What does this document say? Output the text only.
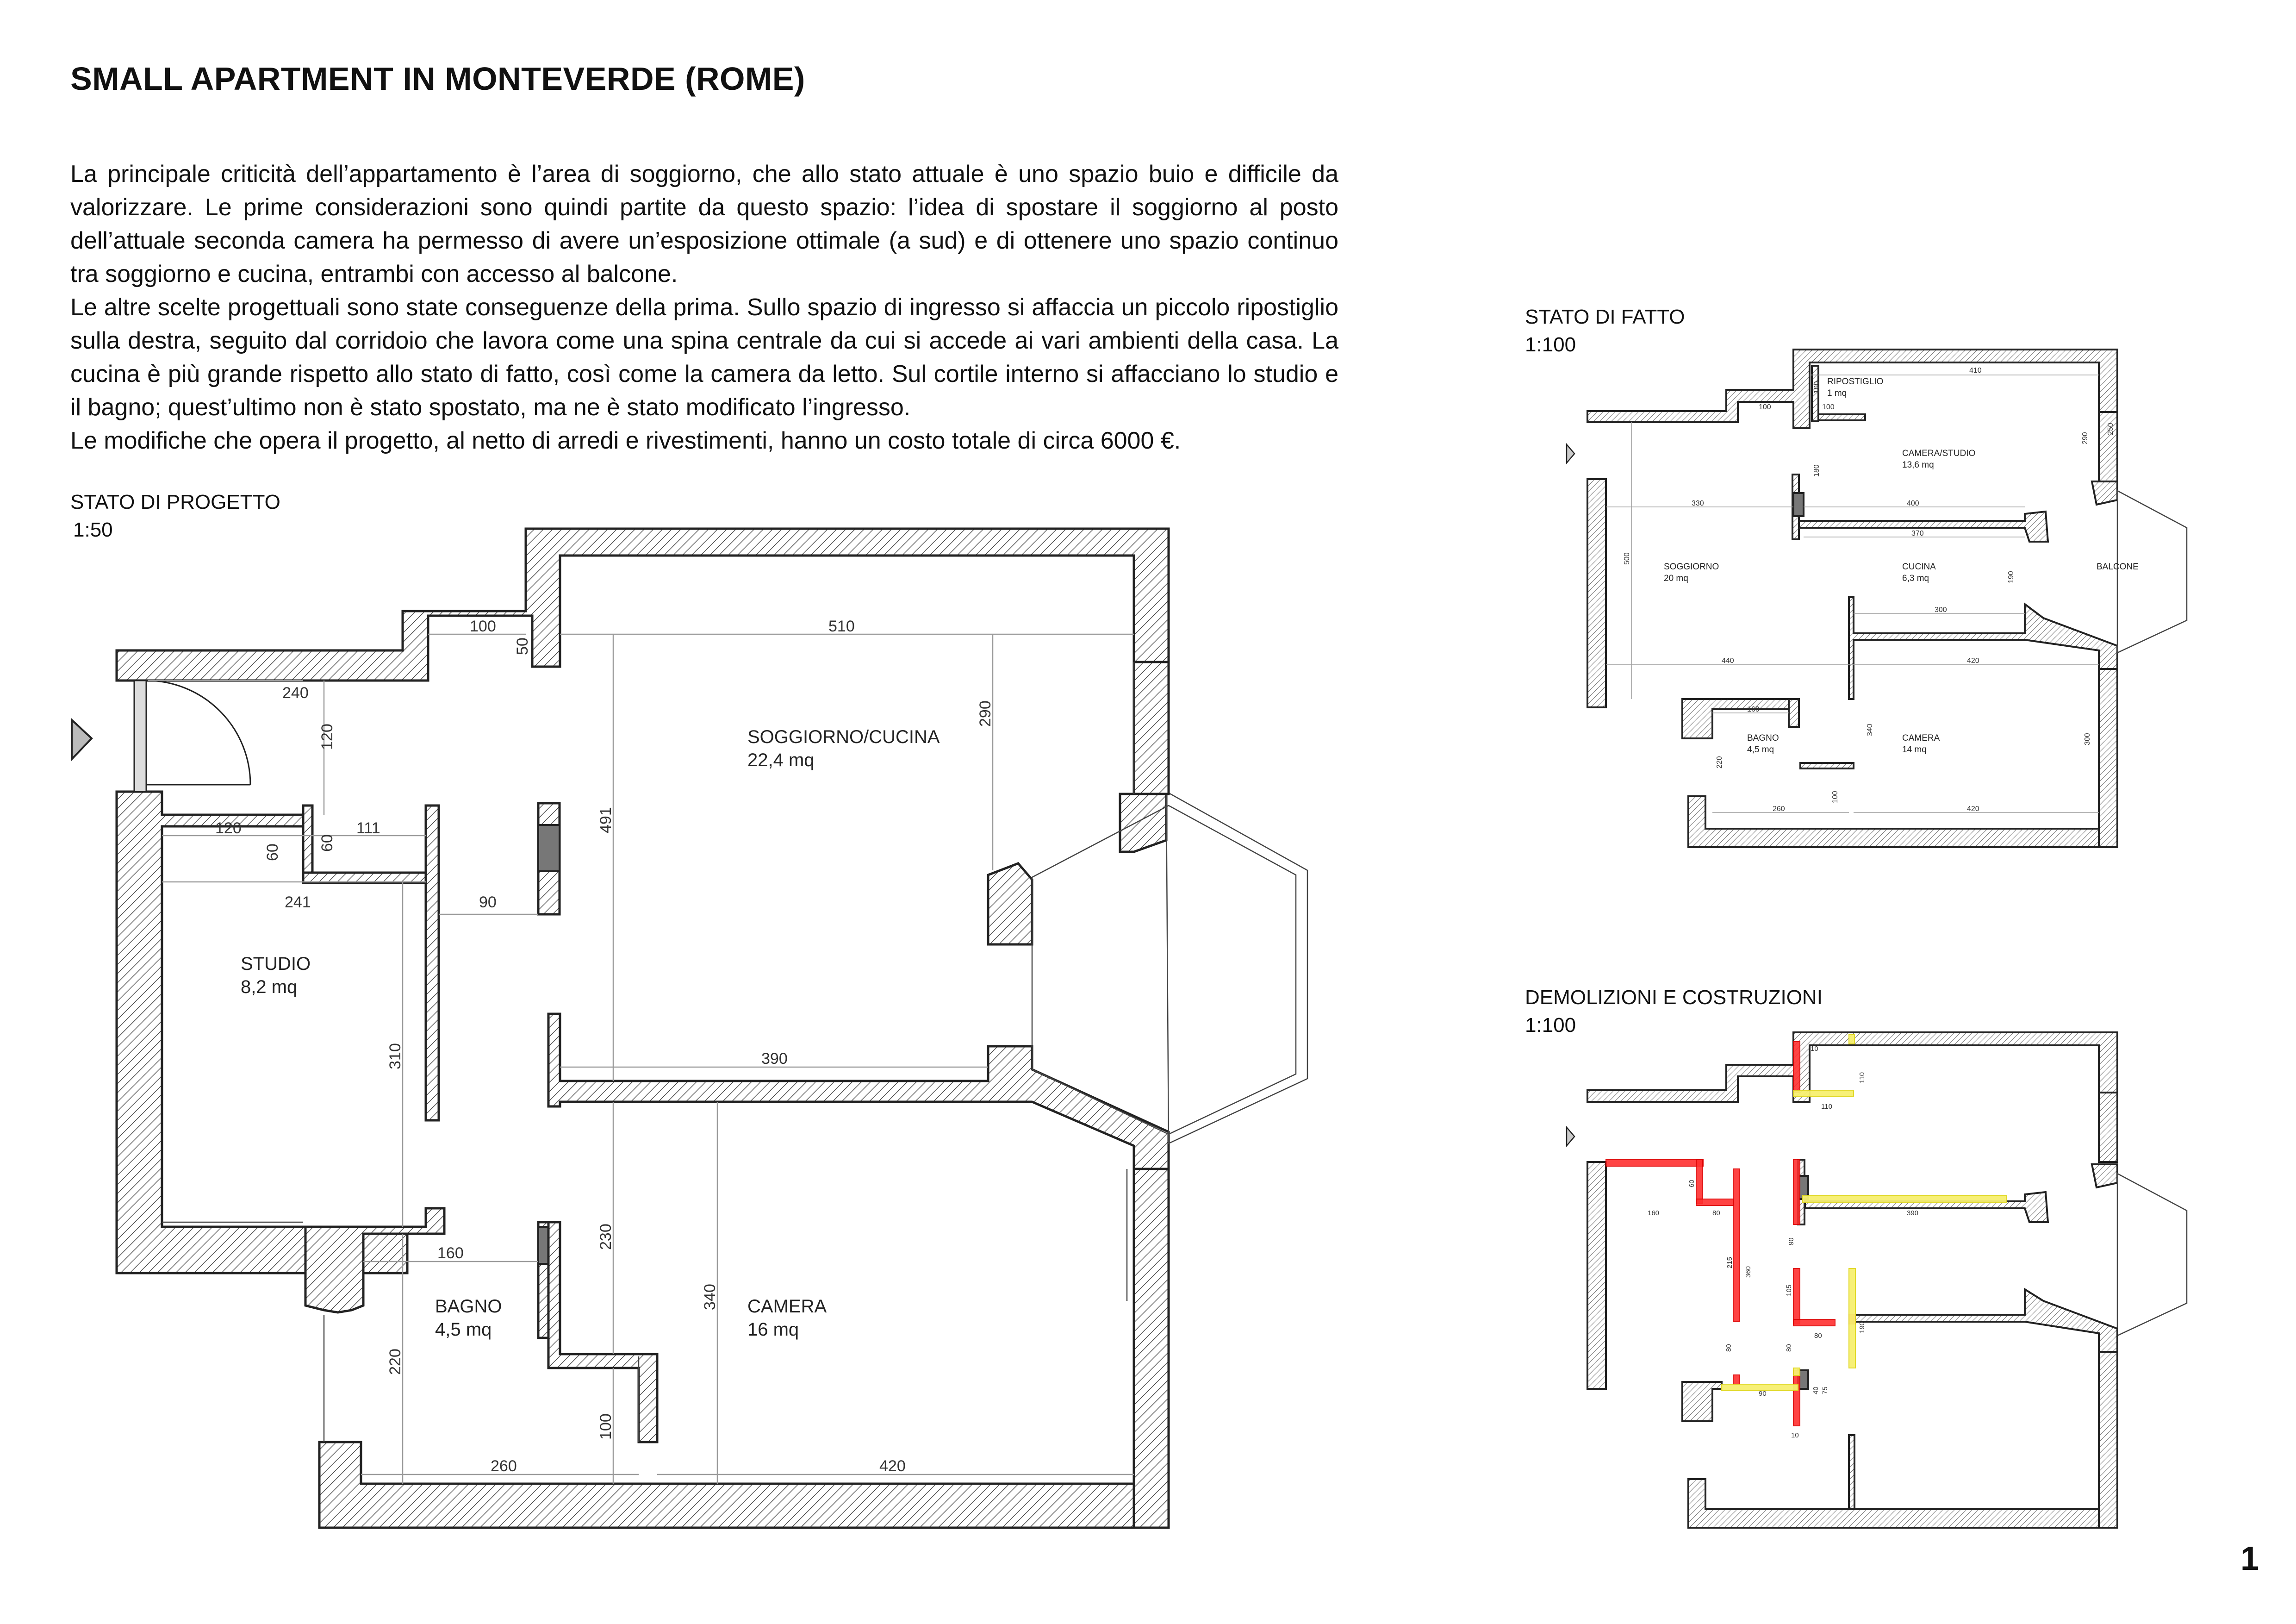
100
50
510
240
120
290
120
60
60
111	491
241	90
310	390
160
230
340
220
100
260	420
SOGGIORNO/CUCINA
22,4 mq
STUDIO
8,2 mq
BAGNO
4,5 mq
CAMERA
16 mq
410
100
100	100
290
250
180
330	400
500
370
190
300
440	420
160
340
300
220
100
260	420
RIPOSTIGLIO
1 mq
CAMERA/STUDIO
13,6 mq
SOGGIORNO
20 mq
CUCINA
6,3 mq
BALCONE
BAGNO
4,5 mq
CAMERA
14 mq
10
110
110
60
160	80	390
90
215
360
105
80
190
80	80
90	40 75
10
SMALL APARTMENT IN MONTEVERDE (ROME)

La principale criticità dell’appartamento è l’area di soggiorno, che allo stato attuale è uno spazio buio e difficile da valorizzare. Le prime considerazioni sono quindi partite da questo spazio: l’idea di spostare il soggiorno al posto dell’attuale seconda camera ha permesso di avere un’esposizione ottimale (a sud) e di ottenere uno spazio continuo tra soggiorno e cucina, entrambi con accesso al balcone.

Le altre scelte progettuali sono state conseguenze della prima. Sullo spazio di ingresso si affaccia un piccolo ripostiglio sulla destra, seguito dal corridoio che lavora come una spina centrale da cui si accede ai vari ambienti della casa. La cucina è più grande rispetto allo stato di fatto, così come la camera da letto. Sul cortile interno si affacciano lo studio e il bagno; quest’ultimo non è stato spostato, ma ne è stato modificato l’ingresso.

Le modifiche che opera il progetto, al netto di arredi e rivestimenti, hanno un costo totale di circa 6000 €.

STATO DI PROGETTO
1:50
STATO DI FATTO
1:100
DEMOLIZIONI E COSTRUZIONI
1:100
1
